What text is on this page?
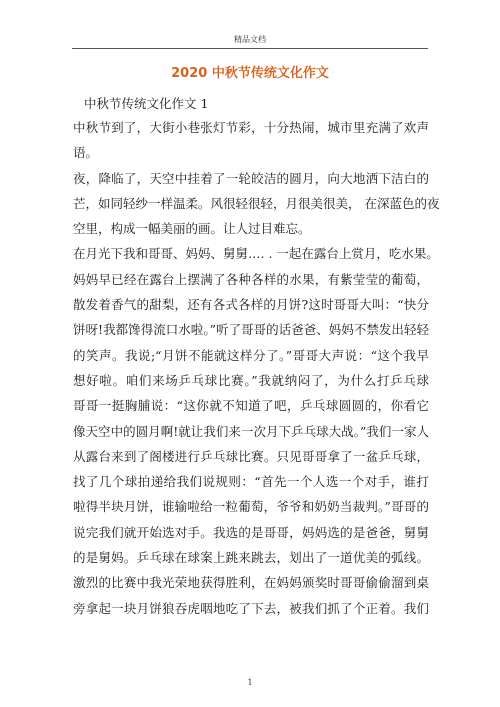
精品文档
2020 中秋节传统文化作文
中秋节传统文化作文 1
中秋节到了，大街小巷张灯节彩，十分热闹，城市里充满了欢声
语。
夜，降临了，天空中挂着了一轮皎洁的圆月，向大地洒下洁白的
芒，如同轻纱一样温柔。风很轻很轻，月很美很美， 在深蓝色的夜
空里，构成一幅美丽的画。让人过目难忘。
在月光下我和哥哥、妈妈、舅舅…. . 一起在露台上赏月，吃水果。
妈妈早已经在露台上摆满了各种各样的水果，有紫莹莹的葡萄，
散发着香气的甜梨，还有各式各样的月饼?这时哥哥大叫：“快分
饼呀!我都馋得流口水啦。”听了哥哥的话爸爸、妈妈不禁发出轻轻
的笑声。我说;“月饼不能就这样分了。”哥哥大声说：“这个我早
想好啦。咱们来场乒乓球比赛。”我就纳闷了，为什么打乒乓球
哥哥一挺胸脯说：“这你就不知道了吧，乒乓球圆圆的，你看它
像天空中的圆月啊!就让我们来一次月下乒乓球大战。”我们一家人
从露台来到了阁楼进行乒乓球比赛。只见哥哥拿了一盆乒乓球，
找了几个球拍递给我们说规则：“首先一个人选一个对手，谁打
啦得半块月饼，谁输啦给一粒葡萄，爷爷和奶奶当裁判。”哥哥的
说完我们就开始选对手。我选的是哥哥，妈妈选的是爸爸，舅舅
的是舅妈。乒乓球在球案上跳来跳去，划出了一道优美的弧线。
激烈的比赛中我光荣地获得胜利，在妈妈颁奖时哥哥偷偷溜到桌
旁拿起一块月饼狼吞虎咽地吃了下去，被我们抓了个正着。我们
1
